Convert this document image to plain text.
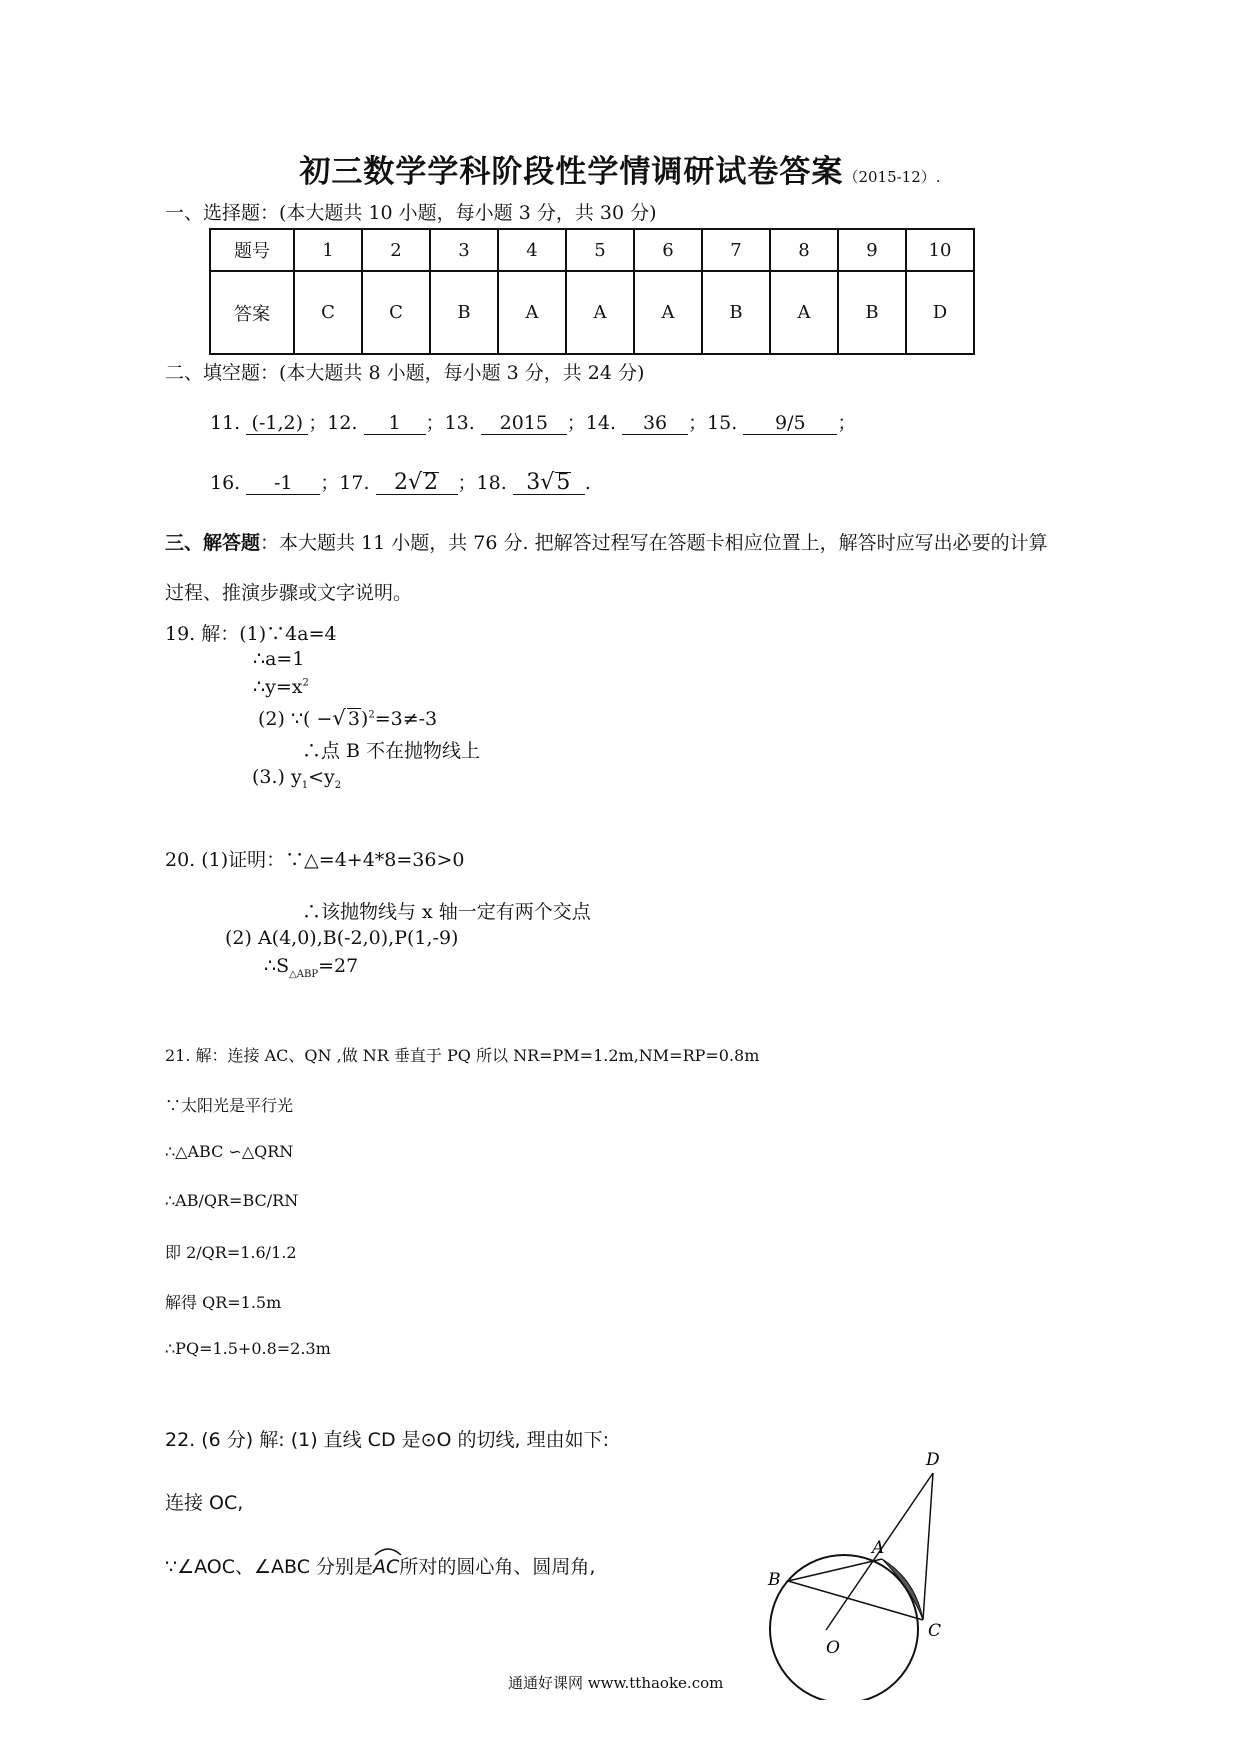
初三数学学科阶段性学情调研试卷答案（2015-12）.
一、选择题：(本大题共 10 小题，每小题 3 分，共 30 分)
题号	1	2	3	4	5	6	7	8	9	10
答案	C	C	B	A	A	A	B	A	B	D
二、填空题：(本大题共 8 小题，每小题 3 分，共 24 分)
11. (-1,2) ；12. 1 ；13. 2015 ；14. 36 ；15. 9/5 ；
16. -1 ；17. 2√2 ；18. 3√5 .
三、解答题：本大题共 11 小题，共 76 分. 把解答过程写在答题卡相应位置上，解答时应写出必要的计算
过程、推演步骤或文字说明。
19. 解：(1)∵4a=4
∴a=1
$\therefore y=x^2$
(2) ∵( −√ 3)$^2$=3≠-3
∴点 B 不在抛物线上
(3.) $y_1<y_2$
20. (1)证明：∵△=4+4*8=36>0
∴该抛物线与 x 轴一定有两个交点
(2) A(4,0),B(-2,0),P(1,-9)
$\therefore S_{\triangle ABP}=27$
21. 解：连接 AC、QN ,做 NR 垂直于 PQ 所以 NR=PM=1.2m,NM=RP=0.8m
∵太阳光是平行光
∴△ABC ∽△QRN
∴AB/QR=BC/RN
即 2/QR=1.6/1.2
解得 QR=1.5m
∴PQ=1.5+0.8=2.3m
22. (6 分) 解: (1) 直线 CD 是⊙O 的切线, 理由如下:
连接 OC,
∵∠AOC、∠ABC 分别是
AC所对的圆心角、圆周角,
D
A
B
O
C
通通好课网 www.tthaoke.com
